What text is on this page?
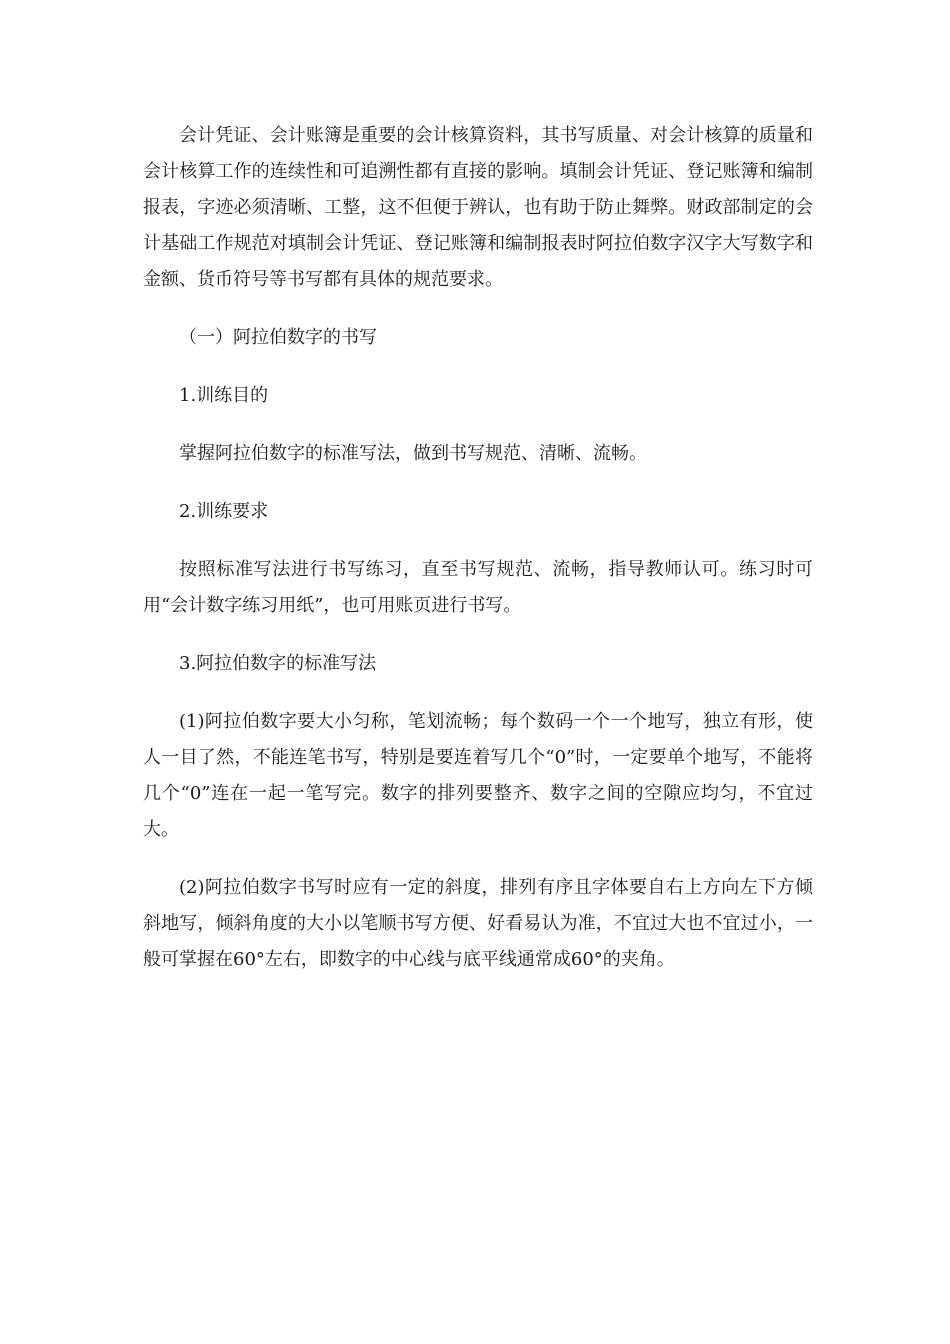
会计凭证、会计账簿是重要的会计核算资料，其书写质量、对会计核算的质量和会计核算工作的连续性和可追溯性都有直接的影响。填制会计凭证、登记账簿和编制报表，字迹必须清晰、工整，这不但便于辨认，也有助于防止舞弊。财政部制定的会计基础工作规范对填制会计凭证、登记账簿和编制报表时阿拉伯数字汉字大写数字和金额、货币符号等书写都有具体的规范要求。

（一）阿拉伯数字的书写

1.训练目的

掌握阿拉伯数字的标准写法，做到书写规范、清晰、流畅。

2.训练要求

按照标准写法进行书写练习，直至书写规范、流畅，指导教师认可。练习时可用“会计数字练习用纸”，也可用账页进行书写。

3.阿拉伯数字的标准写法

(1)阿拉伯数字要大小匀称，笔划流畅；每个数码一个一个地写，独立有形，使人一目了然，不能连笔书写，特别是要连着写几个“0”时，一定要单个地写，不能将几个“0”连在一起一笔写完。数字的排列要整齐、数字之间的空隙应均匀，不宜过大。

(2)阿拉伯数字书写时应有一定的斜度，排列有序且字体要自右上方向左下方倾斜地写，倾斜角度的大小以笔顺书写方便、好看易认为准，不宜过大也不宜过小，一般可掌握在60°左右，即数字的中心线与底平线通常成60°的夹角。
